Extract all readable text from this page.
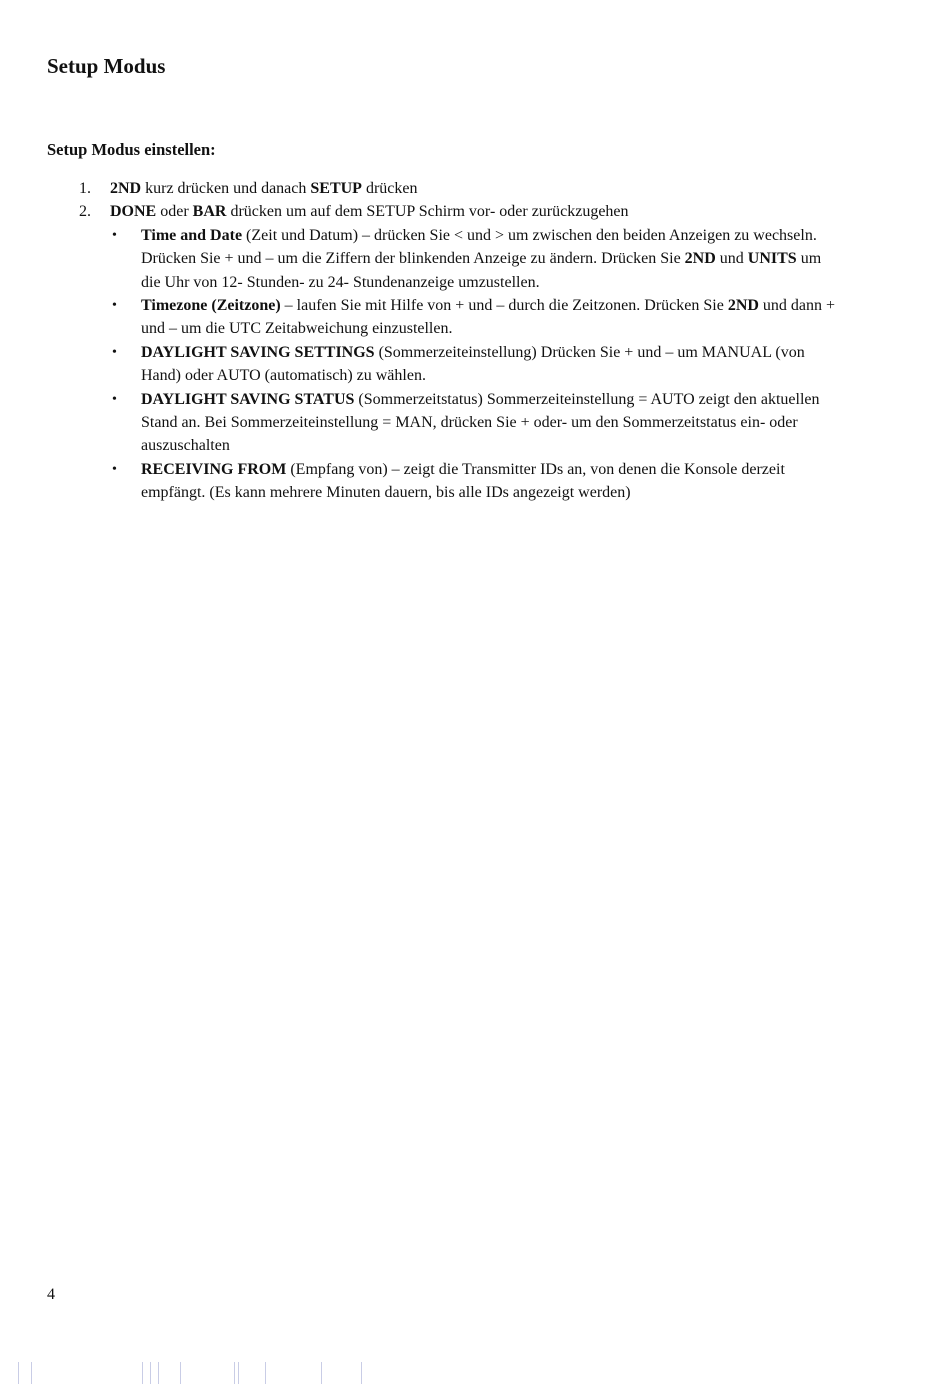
Setup Modus
Setup Modus einstellen:
1. 2ND kurz drücken und danach SETUP drücken
2. DONE oder BAR drücken um auf dem SETUP Schirm vor- oder zurückzugehen
• Time and Date (Zeit und Datum) – drücken Sie < und > um zwischen den beiden Anzeigen zu wechseln. Drücken Sie + und – um die Ziffern der blinkenden Anzeige zu ändern. Drücken Sie 2ND und UNITS um die Uhr von 12- Stunden- zu 24- Stundenanzeige umzustellen.
• Timezone (Zeitzone) – laufen Sie mit Hilfe von + und – durch die Zeitzonen. Drücken Sie 2ND und dann + und – um die UTC Zeitabweichung einzustellen.
• DAYLIGHT SAVING SETTINGS (Sommerzeiteinstellung) Drücken Sie + und – um MANUAL (von Hand) oder AUTO (automatisch) zu wählen.
• DAYLIGHT SAVING STATUS (Sommerzeitstatus) Sommerzeiteinstellung = AUTO zeigt den aktuellen Stand an. Bei Sommerzeiteinstellung = MAN, drücken Sie + oder- um den Sommerzeitstatus ein- oder auszuschalten
• RECEIVING FROM (Empfang von) – zeigt die Transmitter IDs an, von denen die Konsole derzeit empfängt. (Es kann mehrere Minuten dauern, bis alle IDs angezeigt werden)
4
